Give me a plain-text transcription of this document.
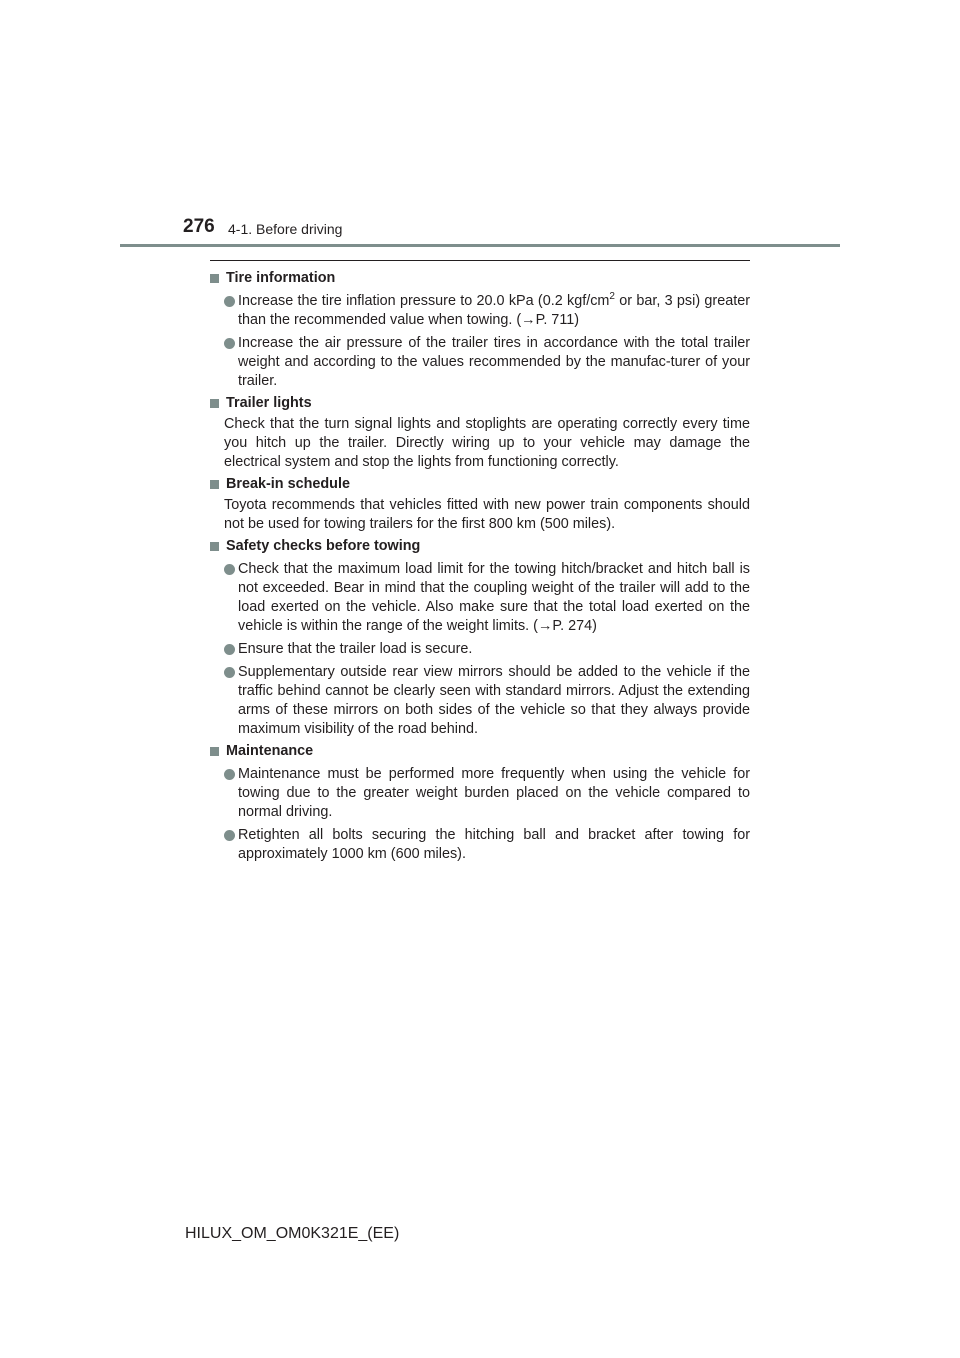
276 4-1. Before driving
Tire information
Increase the tire inflation pressure to 20.0 kPa (0.2 kgf/$cm^2$ or bar, 3 psi) greater than the recommended value when towing. (→P. 711)
Increase the air pressure of the trailer tires in accordance with the total trailer weight and according to the values recommended by the manufac-turer of your trailer.
Trailer lights
Check that the turn signal lights and stoplights are operating correctly every time you hitch up the trailer. Directly wiring up to your vehicle may damage the electrical system and stop the lights from functioning correctly.
Break-in schedule
Toyota recommends that vehicles fitted with new power train components should not be used for towing trailers for the first 800 km (500 miles).
Safety checks before towing
Check that the maximum load limit for the towing hitch/bracket and hitch ball is not exceeded. Bear in mind that the coupling weight of the trailer will add to the load exerted on the vehicle. Also make sure that the total load exerted on the vehicle is within the range of the weight limits. (→P. 274)
Ensure that the trailer load is secure.
Supplementary outside rear view mirrors should be added to the vehicle if the traffic behind cannot be clearly seen with standard mirrors. Adjust the extending arms of these mirrors on both sides of the vehicle so that they always provide maximum visibility of the road behind.
Maintenance
Maintenance must be performed more frequently when using the vehicle for towing due to the greater weight burden placed on the vehicle compared to normal driving.
Retighten all bolts securing the hitching ball and bracket after towing for approximately 1000 km (600 miles).
HILUX_OM_OM0K321E_(EE)
